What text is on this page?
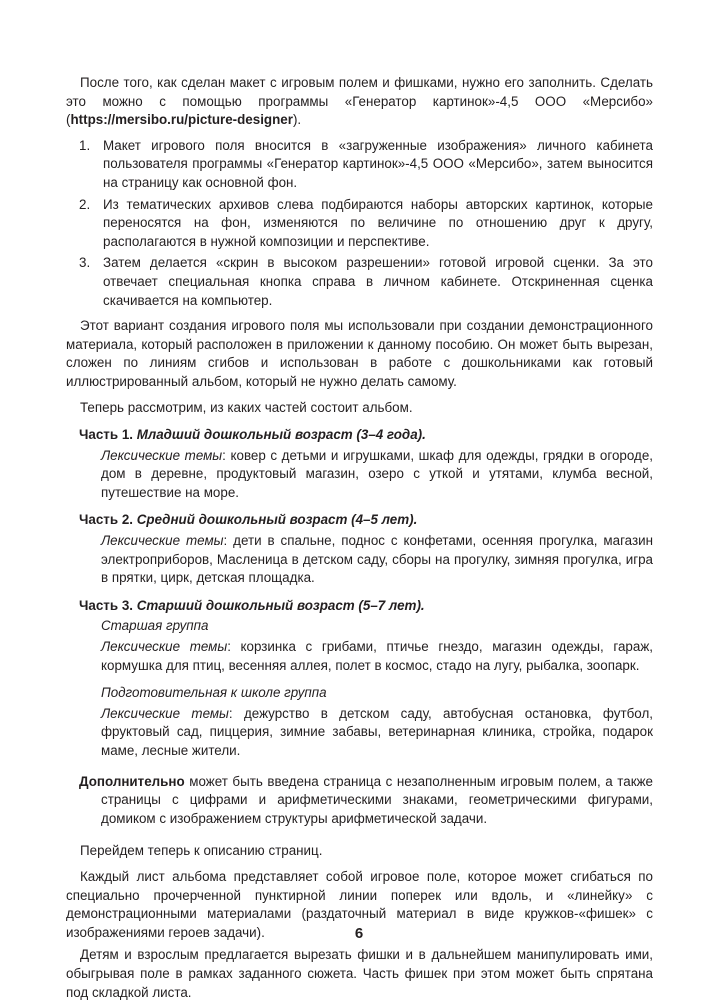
После того, как сделан макет с игровым полем и фишками, нужно его заполнить. Сделать это можно с помощью программы «Генератор картинок»-4,5 ООО «Мерсибо» (https://mersibo.ru/picture-designer).

1. Макет игрового поля вносится в «загруженные изображения» личного кабинета пользователя программы «Генератор картинок»-4,5 ООО «Мерсибо», затем выносится на страницу как основной фон.
2. Из тематических архивов слева подбираются наборы авторских картинок, которые переносятся на фон, изменяются по величине по отношению друг к другу, располагаются в нужной композиции и перспективе.
3. Затем делается «скрин в высоком разрешении» готовой игровой сценки. За это отвечает специальная кнопка справа в личном кабинете. Отскриненная сценка скачивается на компьютер.

Этот вариант создания игрового поля мы использовали при создании демонстрационного материала, который расположен в приложении к данному пособию. Он может быть вырезан, сложен по линиям сгибов и использован в работе с дошкольниками как готовый иллюстрированный альбом, который не нужно делать самому.

Теперь рассмотрим, из каких частей состоит альбом.

Часть 1. Младший дошкольный возраст (3–4 года).

Лексические темы: ковер с детьми и игрушками, шкаф для одежды, грядки в огороде, дом в деревне, продуктовый магазин, озеро с уткой и утятами, клумба весной, путешествие на море.

Часть 2. Средний дошкольный возраст (4–5 лет).

Лексические темы: дети в спальне, поднос с конфетами, осенняя прогулка, магазин электроприборов, Масленица в детском саду, сборы на прогулку, зимняя прогулка, игра в прятки, цирк, детская площадка.

Часть 3. Старший дошкольный возраст (5–7 лет).

Старшая группа

Лексические темы: корзинка с грибами, птичье гнездо, магазин одежды, гараж, кормушка для птиц, весенняя аллея, полет в космос, стадо на лугу, рыбалка, зоопарк.

Подготовительная к школе группа

Лексические темы: дежурство в детском саду, автобусная остановка, футбол, фруктовый сад, пиццерия, зимние забавы, ветеринарная клиника, стройка, подарок маме, лесные жители.

Дополнительно может быть введена страница с незаполненным игровым полем, а также страницы с цифрами и арифметическими знаками, геометрическими фигурами, домиком с изображением структуры арифметической задачи.

Перейдем теперь к описанию страниц.

Каждый лист альбома представляет собой игровое поле, которое может сгибаться по специально прочерченной пунктирной линии поперек или вдоль, и «линейку» с демонстрационными материалами (раздаточный материал в виде кружков-«фишек» с изображениями героев задачи).

Детям и взрослым предлагается вырезать фишки и в дальнейшем манипулировать ими, обыгрывая поле в рамках заданного сюжета. Часть фишек при этом может быть спрятана под складкой листа.

6
